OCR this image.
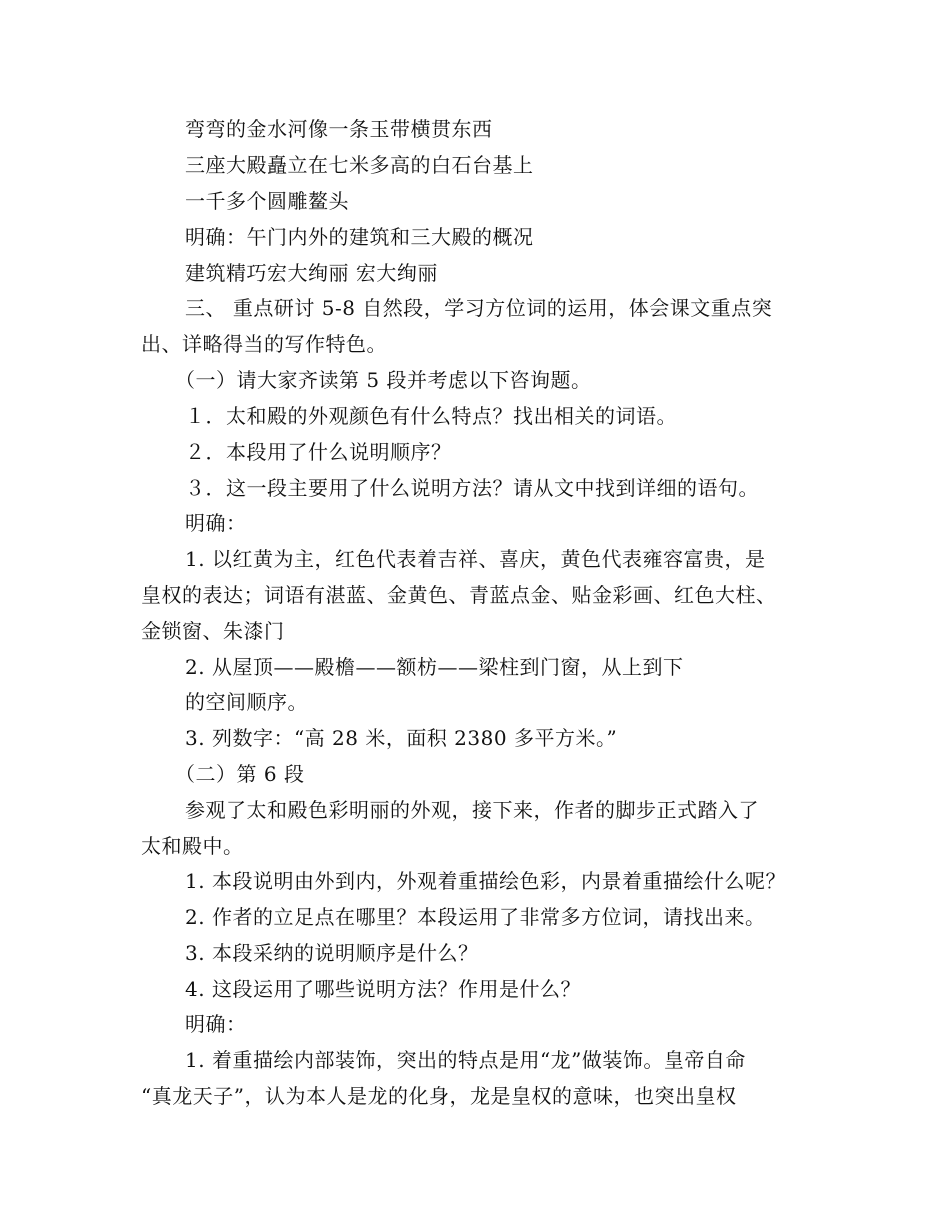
弯弯的金水河像一条玉带横贯东西
三座大殿矗立在七米多高的白石台基上
一千多个圆雕鳌头
明确：午门内外的建筑和三大殿的概况
建筑精巧宏大绚丽 宏大绚丽
三、 重点研讨 5-8 自然段，学习方位词的运用，体会课文重点突
出、详略得当的写作特色。
（一）请大家齐读第 5 段并考虑以下咨询题。
１．太和殿的外观颜色有什么特点？找出相关的词语。
２．本段用了什么说明顺序？
３．这一段主要用了什么说明方法？请从文中找到详细的语句。
明确：
1. 以红黄为主，红色代表着吉祥、喜庆，黄色代表雍容富贵，是
皇权的表达；词语有湛蓝、金黄色、青蓝点金、贴金彩画、红色大柱、
金锁窗、朱漆门
2. 从屋顶——殿檐——额枋——梁柱到门窗，从上到下
的空间顺序。
3. 列数字：“高 28 米，面积 2380 多平方米。”
（二）第 6 段
参观了太和殿色彩明丽的外观，接下来，作者的脚步正式踏入了
太和殿中。
1. 本段说明由外到内，外观着重描绘色彩，内景着重描绘什么呢？
2. 作者的立足点在哪里？本段运用了非常多方位词，请找出来。
3. 本段采纳的说明顺序是什么？
4. 这段运用了哪些说明方法？作用是什么？
明确：
1. 着重描绘内部装饰，突出的特点是用“龙”做装饰。皇帝自命
“真龙天子”，认为本人是龙的化身，龙是皇权的意味，也突出皇权
